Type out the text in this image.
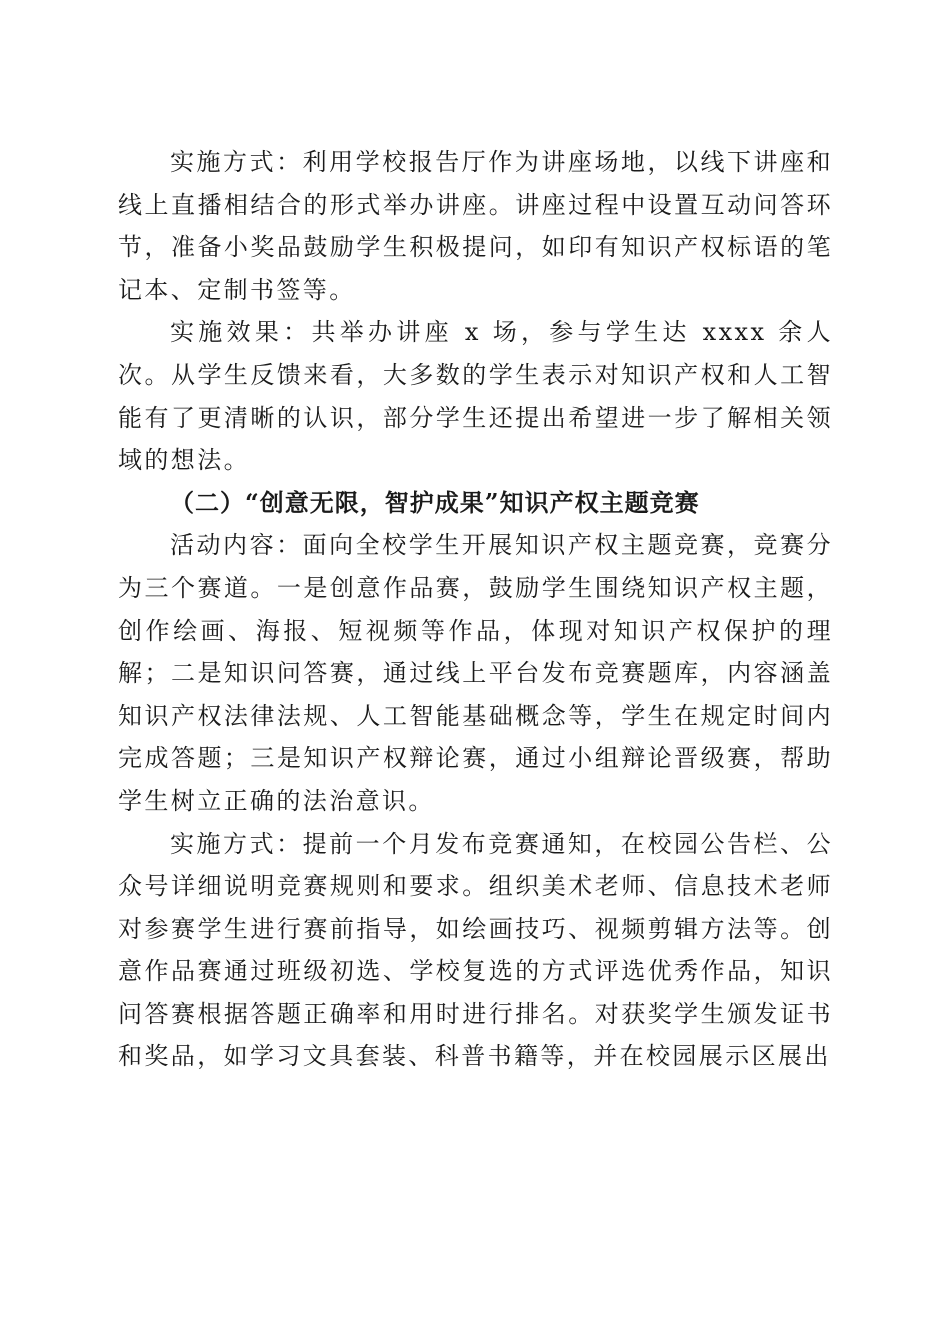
实施方式：利用学校报告厅作为讲座场地，以线下讲座和线上直播相结合的形式举办讲座。讲座过程中设置互动问答环节，准备小奖品鼓励学生积极提问，如印有知识产权标语的笔记本、定制书签等。

实施效果：共举办讲座 x 场，参与学生达 xxxx 余人次。从学生反馈来看，大多数的学生表示对知识产权和人工智能有了更清晰的认识，部分学生还提出希望进一步了解相关领域的想法。

（二）“创意无限，智护成果”知识产权主题竞赛

活动内容：面向全校学生开展知识产权主题竞赛，竞赛分为三个赛道。一是创意作品赛，鼓励学生围绕知识产权主题，创作绘画、海报、短视频等作品，体现对知识产权保护的理解；二是知识问答赛，通过线上平台发布竞赛题库，内容涵盖知识产权法律法规、人工智能基础概念等，学生在规定时间内完成答题；三是知识产权辩论赛，通过小组辩论晋级赛，帮助学生树立正确的法治意识。

实施方式：提前一个月发布竞赛通知，在校园公告栏、公众号详细说明竞赛规则和要求。组织美术老师、信息技术老师对参赛学生进行赛前指导，如绘画技巧、视频剪辑方法等。创意作品赛通过班级初选、学校复选的方式评选优秀作品，知识问答赛根据答题正确率和用时进行排名。对获奖学生颁发证书和奖品，如学习文具套装、科普书籍等，并在校园展示区展出
